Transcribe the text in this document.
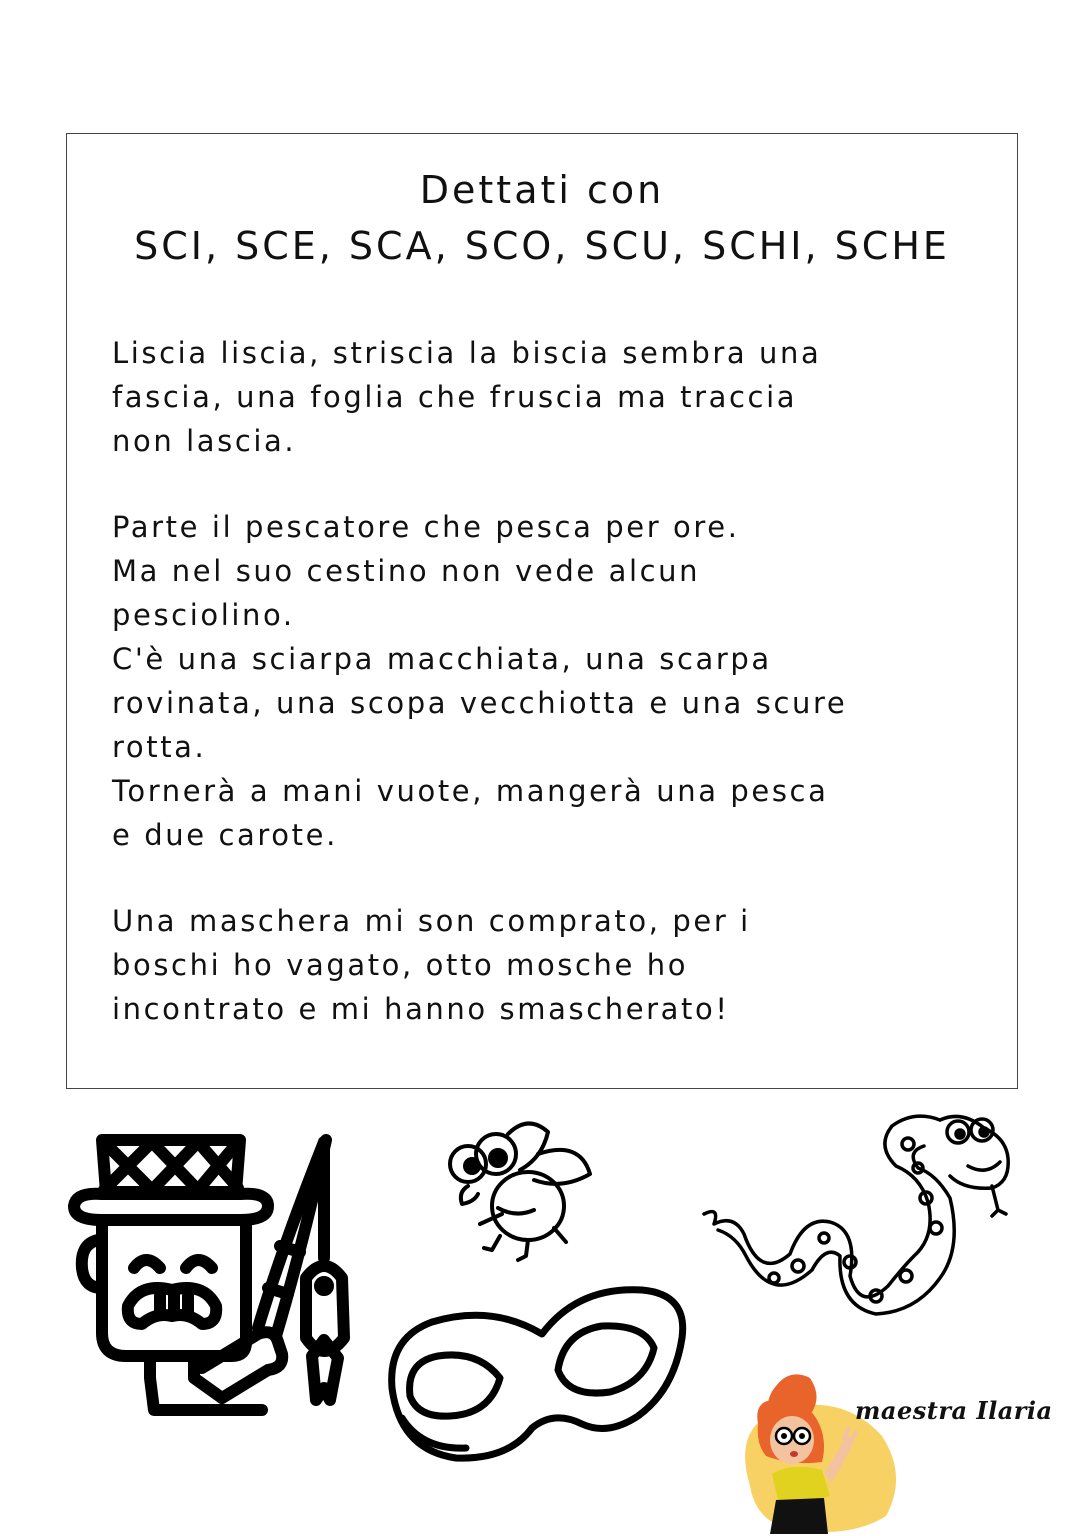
Dettati con
SCI, SCE, SCA, SCO, SCU, SCHI, SCHE

Liscia liscia, striscia la biscia sembra una
fascia, una foglia che fruscia ma traccia
non lascia.

Parte il pescatore che pesca per ore.
Ma nel suo cestino non vede alcun
pesciolino.
C'è una sciarpa macchiata, una scarpa
rovinata, una scopa vecchiotta e una scure
rotta.
Tornerà a mani vuote, mangerà una pesca
e due carote.

Una maschera mi son comprato, per i
boschi ho vagato, otto mosche ho
incontrato e mi hanno smascherato!

maestra Ilaria
